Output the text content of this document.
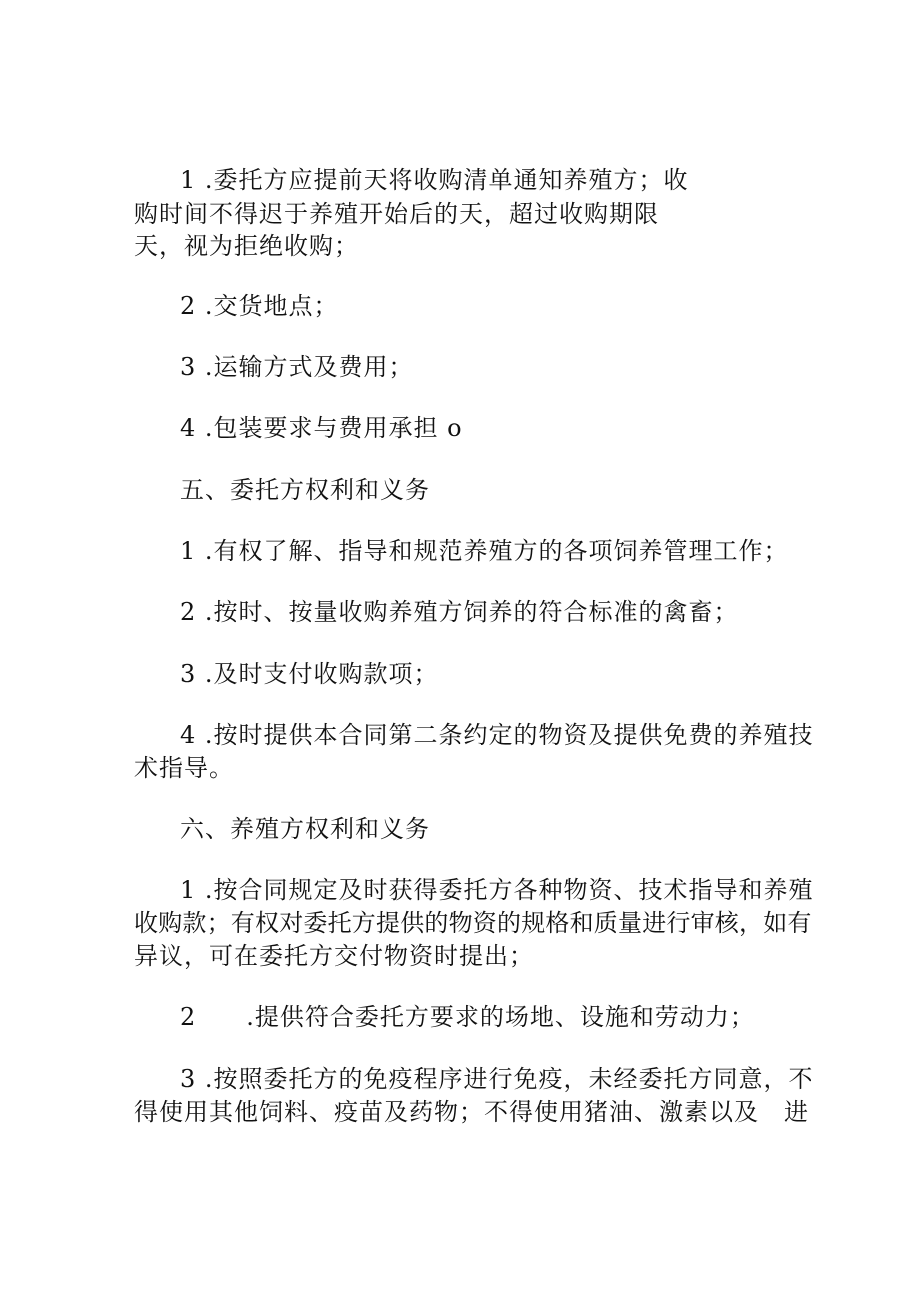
1 .委托方应提前天将收购清单通知养殖方；收
购时间不得迟于养殖开始后的天，超过收购期限
天，视为拒绝收购；
2 .交货地点；
3 .运输方式及费用；
4 .包装要求与费用承担 o
五、委托方权利和义务
1 .有权了解、指导和规范养殖方的各项饲养管理工作；
2 .按时、按量收购养殖方饲养的符合标准的禽畜；
3 .及时支付收购款项；
4 .按时提供本合同第二条约定的物资及提供免费的养殖技
术指导。
六、养殖方权利和义务
1 .按合同规定及时获得委托方各种物资、技术指导和养殖
收购款；有权对委托方提供的物资的规格和质量进行审核，如有
异议，可在委托方交付物资时提出；
2　　.提供符合委托方要求的场地、设施和劳动力；
3 .按照委托方的免疫程序进行免疫，未经委托方同意，不
得使用其他饲料、疫苗及药物；不得使用猪油、激素以及　进
